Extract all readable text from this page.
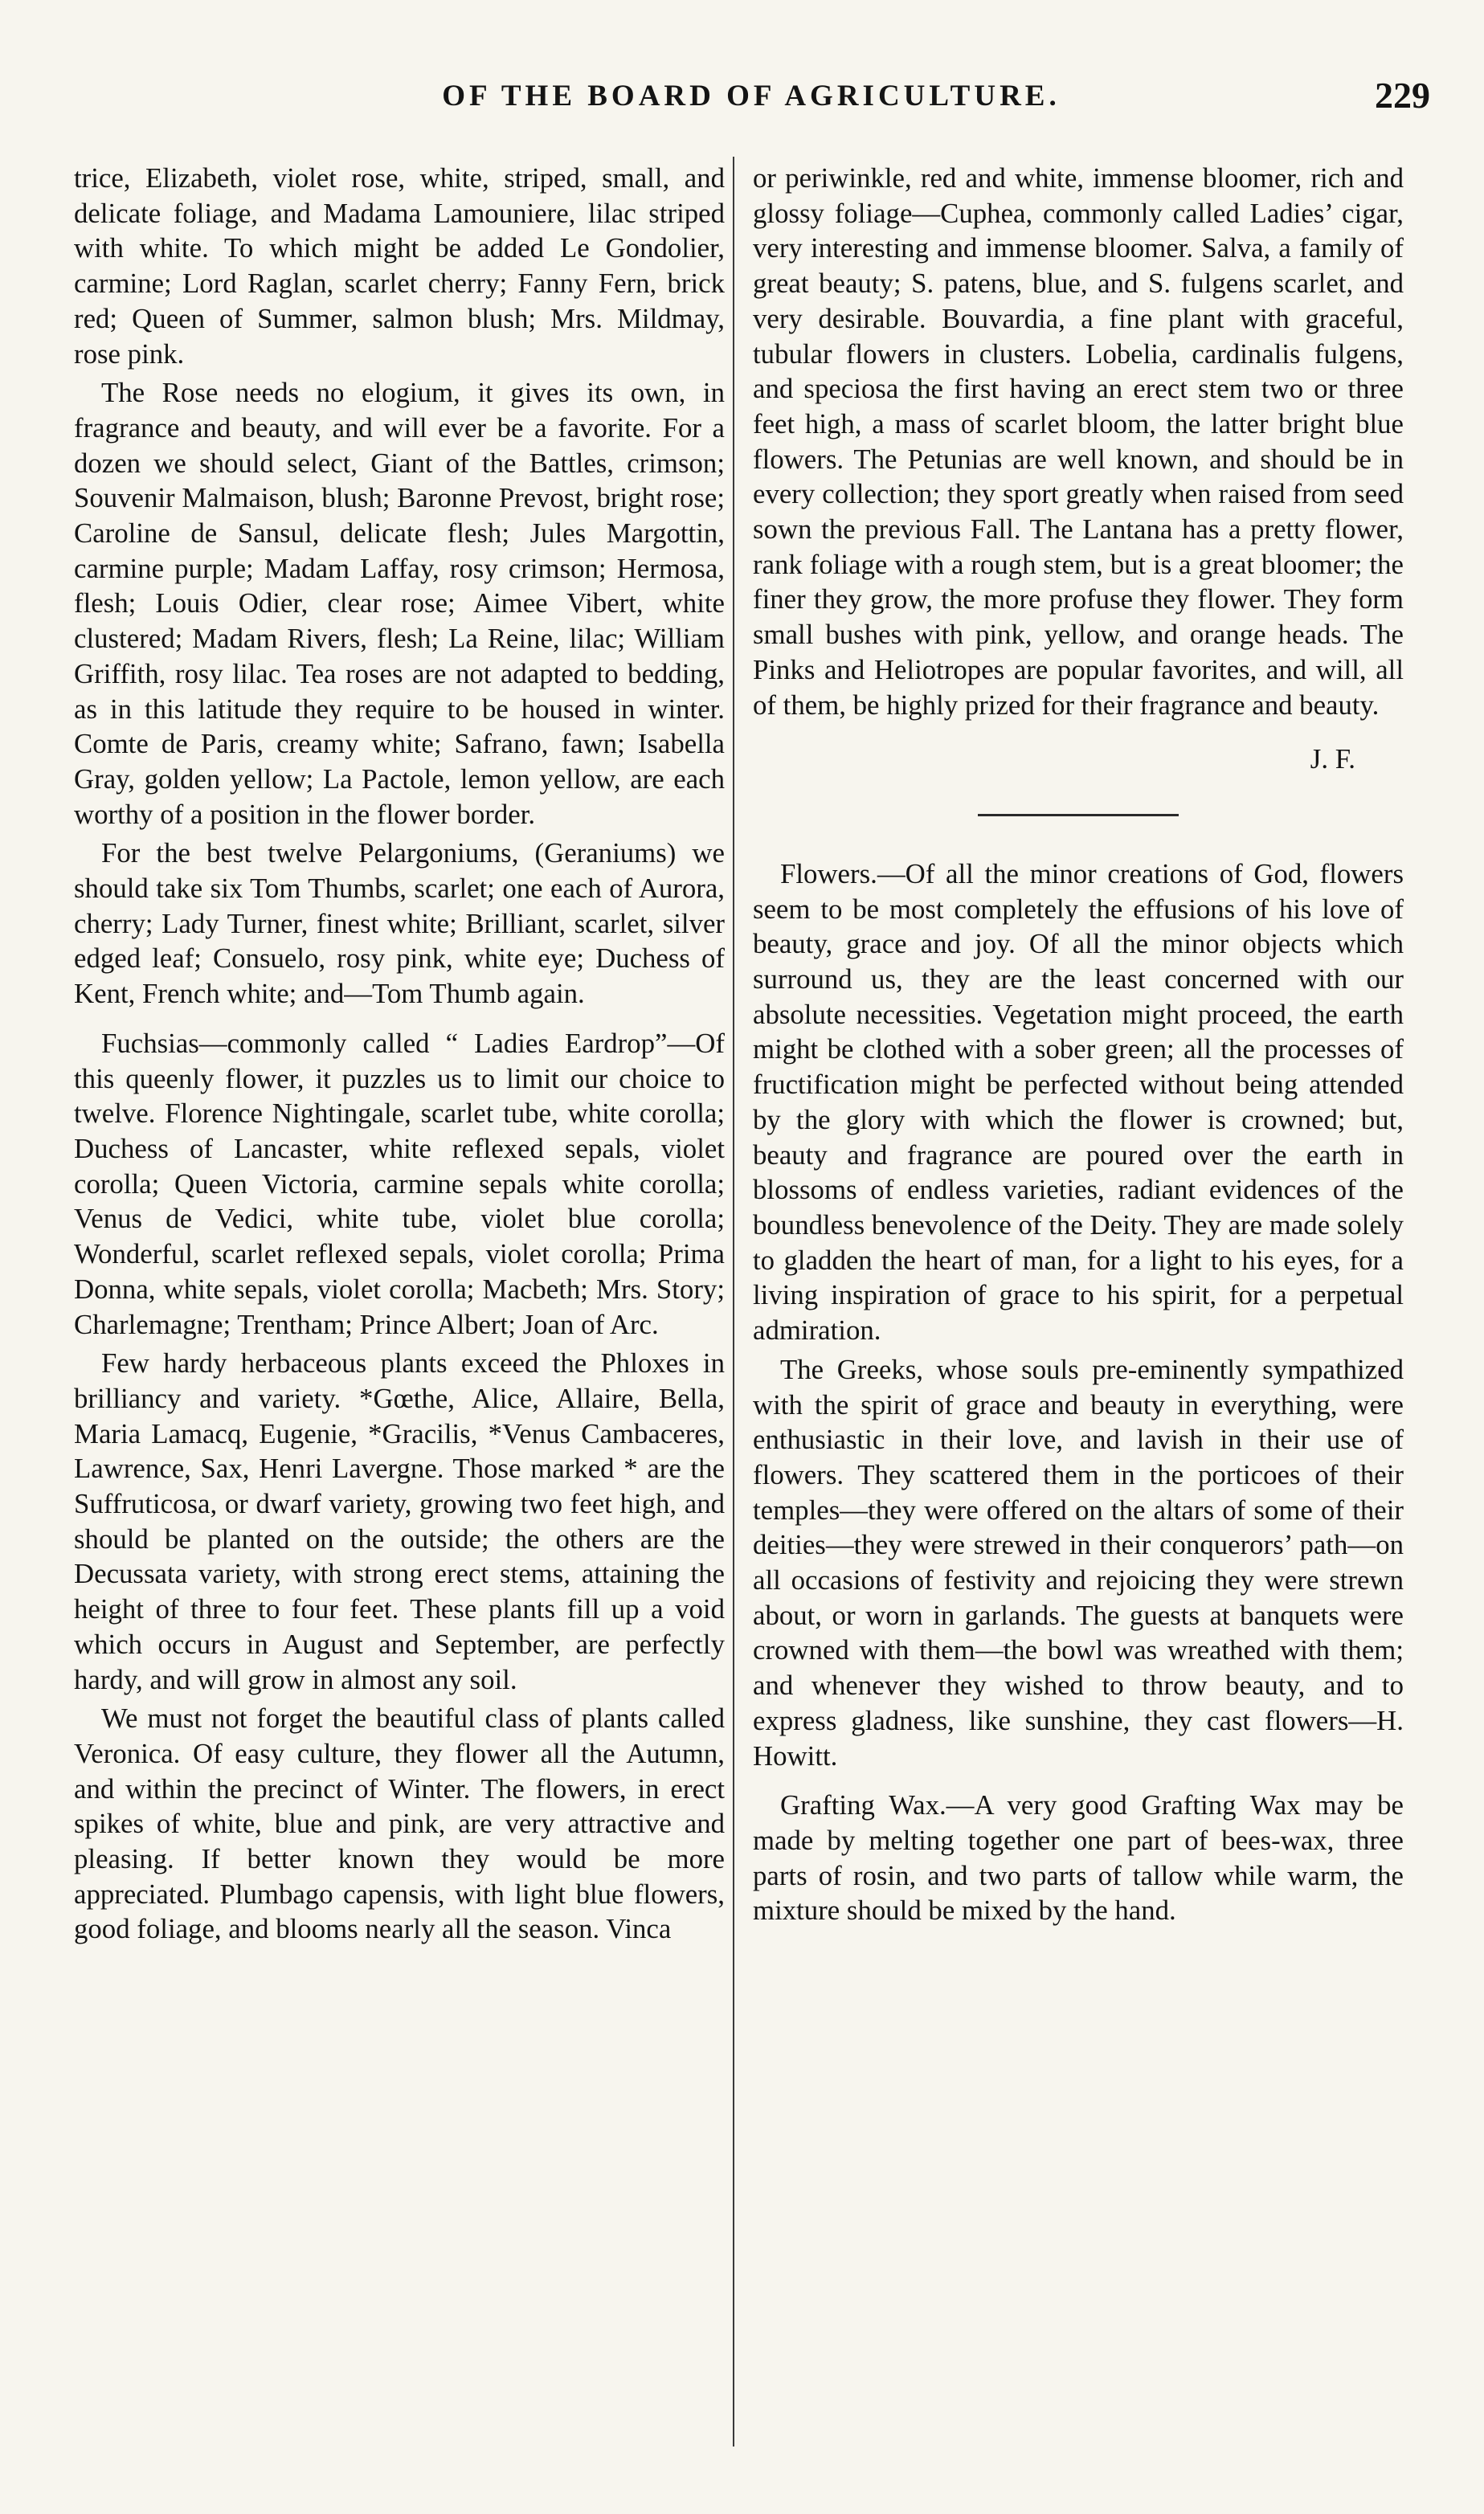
OF THE BOARD OF AGRICULTURE.	229

trice, Elizabeth, violet rose, white, striped, small, and delicate foliage, and Madama Lamouniere, lilac striped with white. To which might be added Le Gondolier, carmine; Lord Raglan, scarlet cherry; Fanny Fern, brick red; Queen of Summer, salmon blush; Mrs. Mildmay, rose pink.

The Rose needs no elogium, it gives its own, in fragrance and beauty, and will ever be a favorite. For a dozen we should select, Giant of the Battles, crimson; Souvenir Malmaison, blush; Baronne Prevost, bright rose; Caroline de Sansul, delicate flesh; Jules Margottin, carmine purple; Madam Laffay, rosy crimson; Hermosa, flesh; Louis Odier, clear rose; Aimee Vibert, white clustered; Madam Rivers, flesh; La Reine, lilac; William Griffith, rosy lilac. Tea roses are not adapted to bedding, as in this latitude they require to be housed in winter. Comte de Paris, creamy white; Safrano, fawn; Isabella Gray, golden yellow; La Pactole, lemon yellow, are each worthy of a position in the flower border.

For the best twelve Pelargoniums, (Geraniums) we should take six Tom Thumbs, scarlet; one each of Aurora, cherry; Lady Turner, finest white; Brilliant, scarlet, silver edged leaf; Consuelo, rosy pink, white eye; Duchess of Kent, French white; and—Tom Thumb again.

Fuchsias—commonly called “ Ladies Eardrop”—Of this queenly flower, it puzzles us to limit our choice to twelve. Florence Nightingale, scarlet tube, white corolla; Duchess of Lancaster, white reflexed sepals, violet corolla; Queen Victoria, carmine sepals white corolla; Venus de Vedici, white tube, violet blue corolla; Wonderful, scarlet reflexed sepals, violet corolla; Prima Donna, white sepals, violet corolla; Macbeth; Mrs. Story; Charlemagne; Trentham; Prince Albert; Joan of Arc.

Few hardy herbaceous plants exceed the Phloxes in brilliancy and variety. *Gœthe, Alice, Allaire, Bella, Maria Lamacq, Eugenie, *Gracilis, *Venus Cambaceres, Lawrence, Sax, Henri Lavergne. Those marked * are the Suffruticosa, or dwarf variety, growing two feet high, and should be planted on the outside; the others are the Decussata variety, with strong erect stems, attaining the height of three to four feet. These plants fill up a void which occurs in August and September, are perfectly hardy, and will grow in almost any soil.

We must not forget the beautiful class of plants called Veronica. Of easy culture, they flower all the Autumn, and within the precinct of Winter. The flowers, in erect spikes of white, blue and pink, are very attractive and pleasing. If better known they would be more appreciated. Plumbago capensis, with light blue flowers, good foliage, and blooms nearly all the season. Vinca

or periwinkle, red and white, immense bloomer, rich and glossy foliage—Cuphea, commonly called Ladies’ cigar, very interesting and immense bloomer. Salva, a family of great beauty; S. patens, blue, and S. fulgens scarlet, and very desirable. Bouvardia, a fine plant with graceful, tubular flowers in clusters. Lobelia, cardinalis fulgens, and speciosa the first having an erect stem two or three feet high, a mass of scarlet bloom, the latter bright blue flowers. The Petunias are well known, and should be in every collection; they sport greatly when raised from seed sown the previous Fall. The Lantana has a pretty flower, rank foliage with a rough stem, but is a great bloomer; the finer they grow, the more profuse they flower. They form small bushes with pink, yellow, and orange heads. The Pinks and Heliotropes are popular favorites, and will, all of them, be highly prized for their fragrance and beauty.

J. F.

Flowers.—Of all the minor creations of God, flowers seem to be most completely the effusions of his love of beauty, grace and joy. Of all the minor objects which surround us, they are the least concerned with our absolute necessities. Vegetation might proceed, the earth might be clothed with a sober green; all the processes of fructification might be perfected without being attended by the glory with which the flower is crowned; but, beauty and fragrance are poured over the earth in blossoms of endless varieties, radiant evidences of the boundless benevolence of the Deity. They are made solely to gladden the heart of man, for a light to his eyes, for a living inspiration of grace to his spirit, for a perpetual admiration.

The Greeks, whose souls pre-eminently sympathized with the spirit of grace and beauty in everything, were enthusiastic in their love, and lavish in their use of flowers. They scattered them in the porticoes of their temples—they were offered on the altars of some of their deities—they were strewed in their conquerors’ path—on all occasions of festivity and rejoicing they were strewn about, or worn in garlands. The guests at banquets were crowned with them—the bowl was wreathed with them; and whenever they wished to throw beauty, and to express gladness, like sunshine, they cast flowers—H. Howitt.

Grafting Wax.—A very good Grafting Wax may be made by melting together one part of bees-wax, three parts of rosin, and two parts of tallow while warm, the mixture should be mixed by the hand.
